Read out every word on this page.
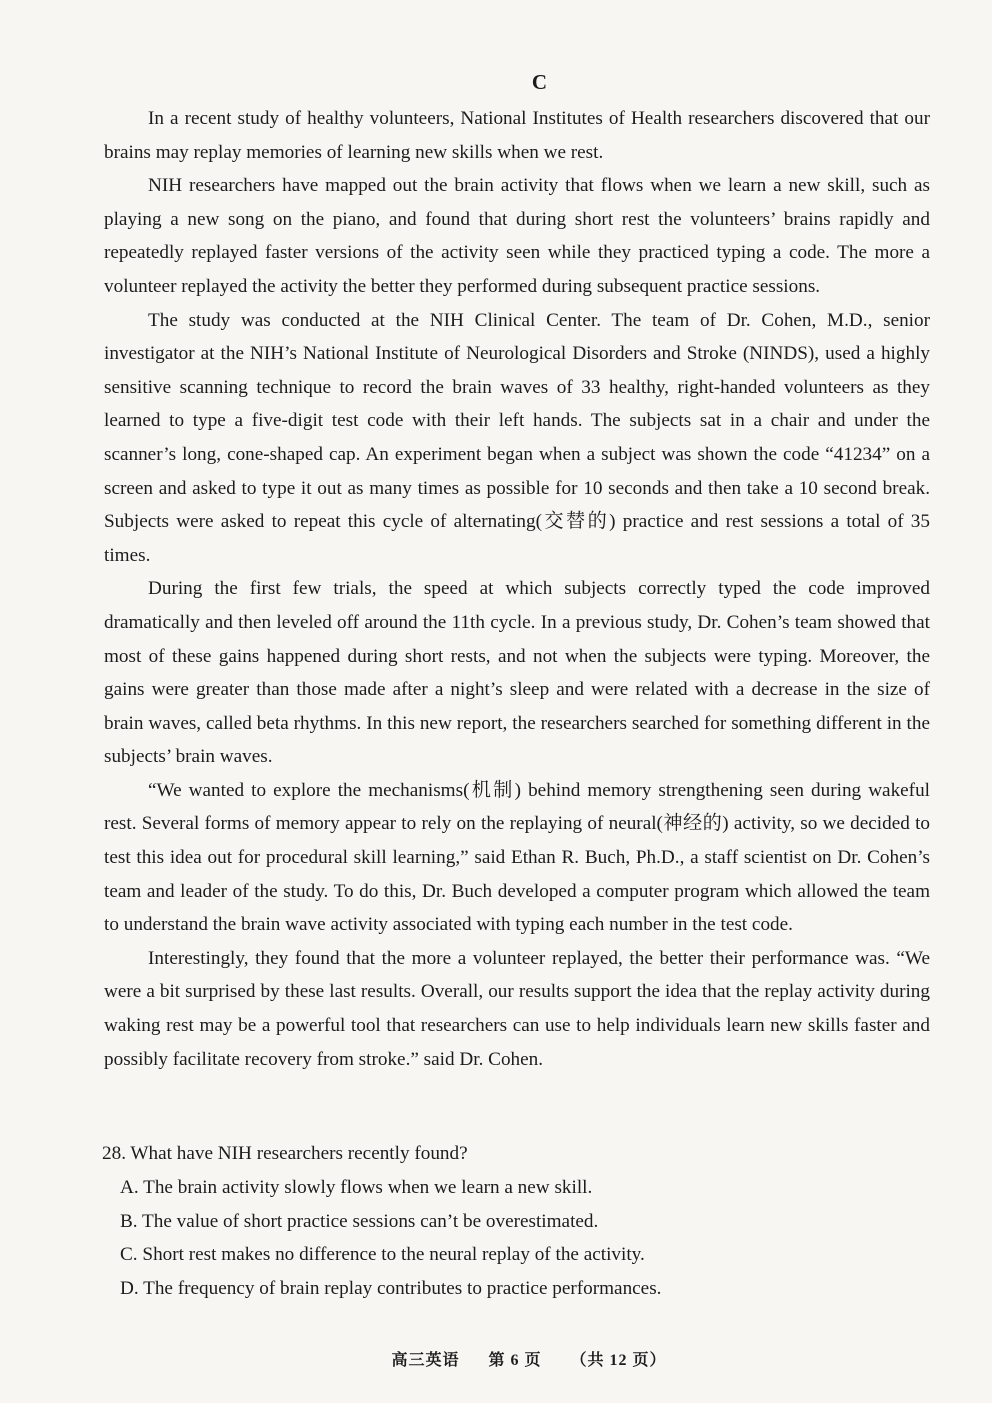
C

In a recent study of healthy volunteers, National Institutes of Health researchers discovered that our brains may replay memories of learning new skills when we rest.

NIH researchers have mapped out the brain activity that flows when we learn a new skill, such as playing a new song on the piano, and found that during short rest the volunteers’ brains rapidly and repeatedly replayed faster versions of the activity seen while they practiced typing a code. The more a volunteer replayed the activity the better they performed during subsequent practice sessions.

The study was conducted at the NIH Clinical Center. The team of Dr. Cohen, M.D., senior investigator at the NIH’s National Institute of Neurological Disorders and Stroke (NINDS), used a highly sensitive scanning technique to record the brain waves of 33 healthy, right-handed volunteers as they learned to type a five-digit test code with their left hands. The subjects sat in a chair and under the scanner’s long, cone-shaped cap. An experiment began when a subject was shown the code “41234” on a screen and asked to type it out as many times as possible for 10 seconds and then take a 10 second break. Subjects were asked to repeat this cycle of alternating(交替的) practice and rest sessions a total of 35 times.

During the first few trials, the speed at which subjects correctly typed the code improved dramatically and then leveled off around the 11th cycle. In a previous study, Dr. Cohen’s team showed that most of these gains happened during short rests, and not when the subjects were typing. Moreover, the gains were greater than those made after a night’s sleep and were related with a decrease in the size of brain waves, called beta rhythms. In this new report, the researchers searched for something different in the subjects’ brain waves.

“We wanted to explore the mechanisms(机制) behind memory strengthening seen during wakeful rest. Several forms of memory appear to rely on the replaying of neural(神经的) activity, so we decided to test this idea out for procedural skill learning,” said Ethan R. Buch, Ph.D., a staff scientist on Dr. Cohen’s team and leader of the study. To do this, Dr. Buch developed a computer program which allowed the team to understand the brain wave activity associated with typing each number in the test code.

Interestingly, they found that the more a volunteer replayed, the better their performance was. “We were a bit surprised by these last results. Overall, our results support the idea that the replay activity during waking rest may be a powerful tool that researchers can use to help individuals learn new skills faster and possibly facilitate recovery from stroke.” said Dr. Cohen.

28. What have NIH researchers recently found?

A. The brain activity slowly flows when we learn a new skill.

B. The value of short practice sessions can’t be overestimated.

C. Short rest makes no difference to the neural replay of the activity.

D. The frequency of brain replay contributes to practice performances.

高三英语 第 6 页 （共 12 页）
